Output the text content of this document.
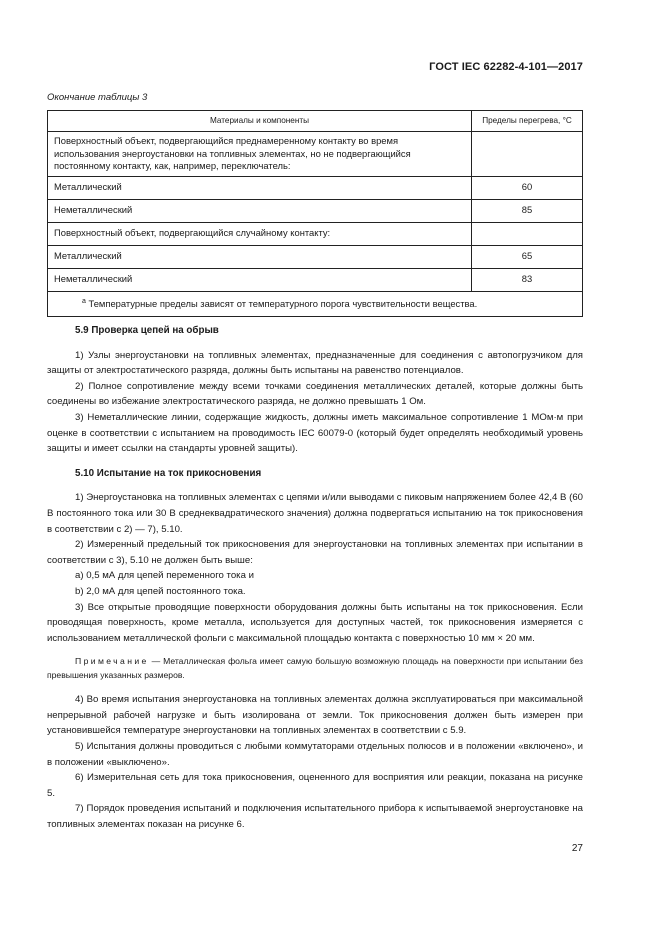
ГОСТ IEC 62282-4-101—2017
Окончание таблицы 3
Материалы и компоненты	Пределы перегрева, °С
Поверхностный объект, подвергающийся преднамеренному контакту во время использования энергоустановки на топливных элементах, но не подвергающийся постоянному контакту, как, например, переключатель:	
Металлический	60
Неметаллический	85
Поверхностный объект, подвергающийся случайному контакту:	
Металлический	65
Неметаллический	83
$^a$ Температурные пределы зависят от температурного порога чувствительности вещества.	
5.9 Проверка цепей на обрыв

1) Узлы энергоустановки на топливных элементах, предназначенные для соединения с автопогрузчиком для защиты от электростатического разряда, должны быть испытаны на равенство потенциалов.

2) Полное сопротивление между всеми точками соединения металлических деталей, которые должны быть соединены во избежание электростатического разряда, не должно превышать 1 Ом.

3) Неметаллические линии, содержащие жидкость, должны иметь максимальное сопротивление 1 МОм·м при оценке в соответствии с испытанием на проводимость IEC 60079-0 (который будет определять необходимый уровень защиты и имеет ссылки на стандарты уровней защиты).

5.10 Испытание на ток прикосновения

1) Энергоустановка на топливных элементах с цепями и/или выводами с пиковым напряжением более 42,4 В (60 В постоянного тока или 30 В среднеквадратического значения) должна подвергаться испытанию на ток прикосновения в соответствии с 2) — 7), 5.10.

2) Измеренный предельный ток прикосновения для энергоустановки на топливных элементах при испытании в соответствии с 3), 5.10 не должен быть выше:

a) 0,5 мА для цепей переменного тока и

b) 2,0 мА для цепей постоянного тока.

3) Все открытые проводящие поверхности оборудования должны быть испытаны на ток прикосновения. Если проводящая поверхность, кроме металла, используется для доступных частей, ток прикосновения измеряется с использованием металлической фольги с максимальной площадью контакта с поверхностью 10 мм × 20 мм.

Примечание — Металлическая фольга имеет самую большую возможную площадь на поверхности при испытании без превышения указанных размеров.

4) Во время испытания энергоустановка на топливных элементах должна эксплуатироваться при максимальной непрерывной рабочей нагрузке и быть изолирована от земли. Ток прикосновения должен быть измерен при установившейся температуре энергоустановки на топливных элементах в соответствии с 5.9.

5) Испытания должны проводиться с любыми коммутаторами отдельных полюсов и в положении «включено», и в положении «выключено».

6) Измерительная сеть для тока прикосновения, оцененного для восприятия или реакции, показана на рисунке 5.

7) Порядок проведения испытаний и подключения испытательного прибора к испытываемой энергоустановке на топливных элементах показан на рисунке 6.

27
